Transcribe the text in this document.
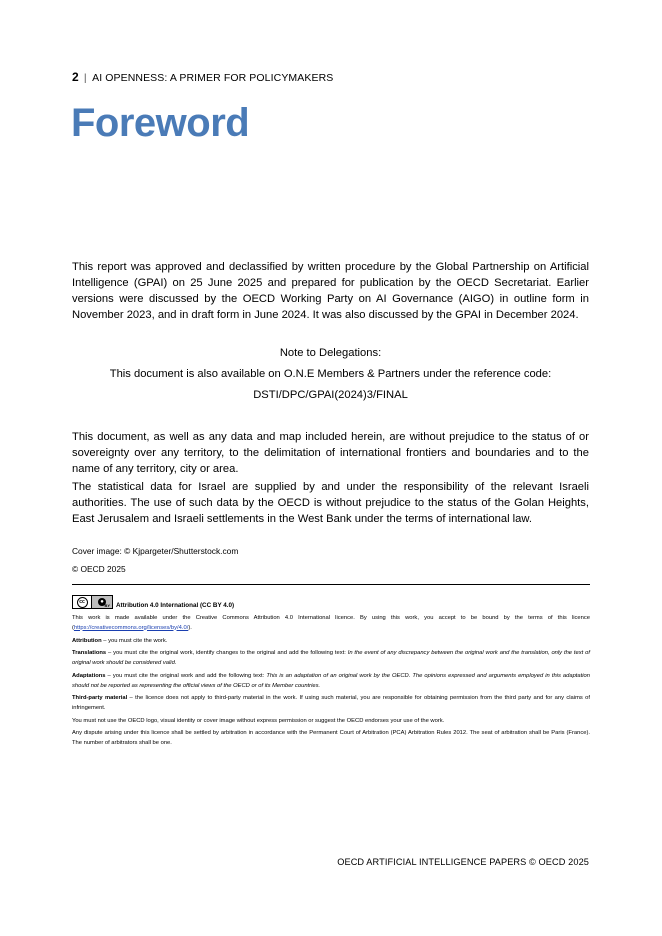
2 | AI OPENNESS: A PRIMER FOR POLICYMAKERS
Foreword

This report was approved and declassified by written procedure by the Global Partnership on Artificial Intelligence (GPAI) on 25 June 2025 and prepared for publication by the OECD Secretariat. Earlier versions were discussed by the OECD Working Party on AI Governance (AIGO) in outline form in November 2023, and in draft form in June 2024. It was also discussed by the GPAI in December 2024.

Note to Delegations:
This document is also available on O.N.E Members & Partners under the reference code:
DSTI/DPC/GPAI(2024)3/FINAL

This document, as well as any data and map included herein, are without prejudice to the status of or sovereignty over any territory, to the delimitation of international frontiers and boundaries and to the name of any territory, city or area.

The statistical data for Israel are supplied by and under the responsibility of the relevant Israeli authorities. The use of such data by the OECD is without prejudice to the status of the Golan Heights, East Jerusalem and Israeli settlements in the West Bank under the terms of international law.

Cover image: © Kjpargeter/Shutterstock.com
© OECD 2025
cc	●
BY Attribution 4.0 International (CC BY 4.0)

This work is made available under the Creative Commons Attribution 4.0 International licence. By using this work, you accept to be bound by the terms of this licence (https://creativecommons.org/licenses/by/4.0/).

Attribution – you must cite the work.

Translations – you must cite the original work, identify changes to the original and add the following text: In the event of any discrepancy between the original work and the translation, only the text of original work should be considered valid.

Adaptations – you must cite the original work and add the following text: This is an adaptation of an original work by the OECD. The opinions expressed and arguments employed in this adaptation should not be reported as representing the official views of the OECD or of its Member countries.

Third-party material – the licence does not apply to third-party material in the work. If using such material, you are responsible for obtaining permission from the third party and for any claims of infringement.

You must not use the OECD logo, visual identity or cover image without express permission or suggest the OECD endorses your use of the work.

Any dispute arising under this licence shall be settled by arbitration in accordance with the Permanent Court of Arbitration (PCA) Arbitration Rules 2012. The seat of arbitration shall be Paris (France). The number of arbitrators shall be one.

OECD ARTIFICIAL INTELLIGENCE PAPERS © OECD 2025
